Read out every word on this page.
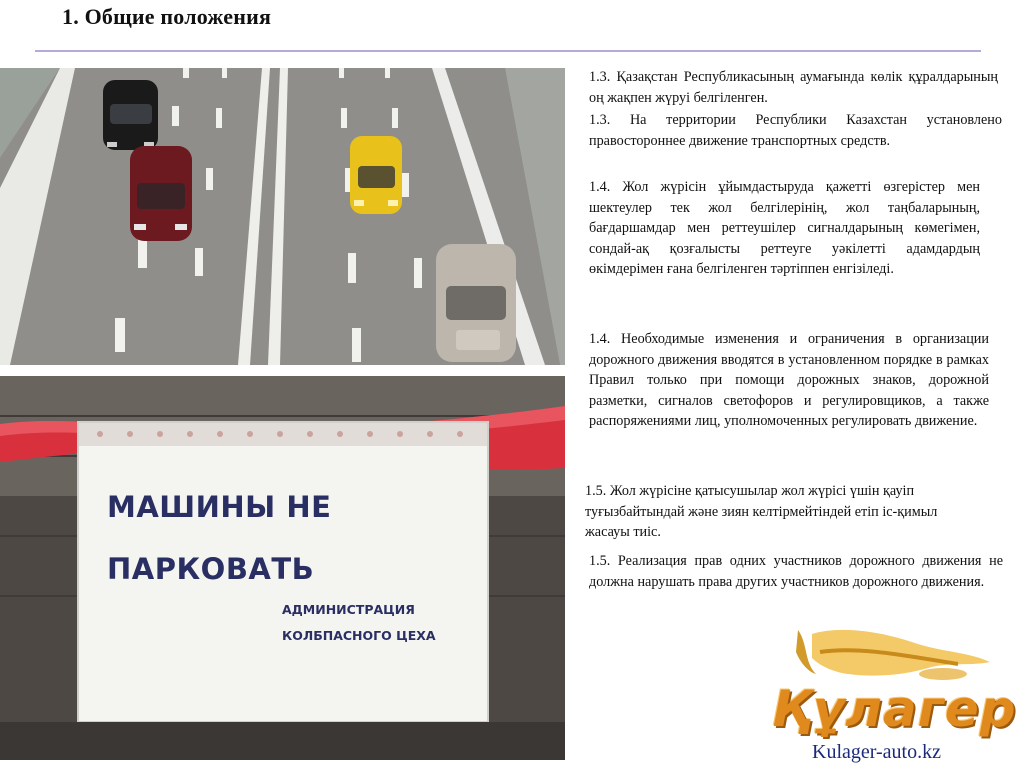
1. Общие положения
МАШИНЫ НЕ
ПАРКОВАТЬ
АДМИНИСТРАЦИЯ
КОЛБПАСНОГО ЦЕХА

1.3. Қазақстан Республикасының аумағында көлік құралдарының оң жақпен жүруі белгіленген.

1.3. На территории Республики Казахстан установлено правостороннее движение транспортных средств.

1.4. Жол жүрісін ұйымдастыруда қажетті өзгерістер мен шектеулер тек жол белгілерінің, жол таңбаларының, бағдаршамдар мен реттеушілер сигналдарының көмегімен, сондай-ақ қозғалысты реттеуге уәкілетті адамдардың өкімдерімен ғана белгіленген тәртіппен енгізіледі.

1.4. Необходимые изменения и ограничения в организации дорожного движения вводятся в установленном порядке в рамках Правил только при помощи дорожных знаков, дорожной разметки, сигналов светофоров и регулировщиков, а также распоряжениями лиц, уполномоченных регулировать движение.

1.5. Жол жүрісіне қатысушылар жол жүрісі үшін қауіп туғызбайтындай және зиян келтірмейтіндей етіп іс-қимыл жасауы тиіс.

1.5. Реализация прав одних участников дорожного движения не должна нарушать права других участников дорожного движения.

Құлагер
Kulager-auto.kz
